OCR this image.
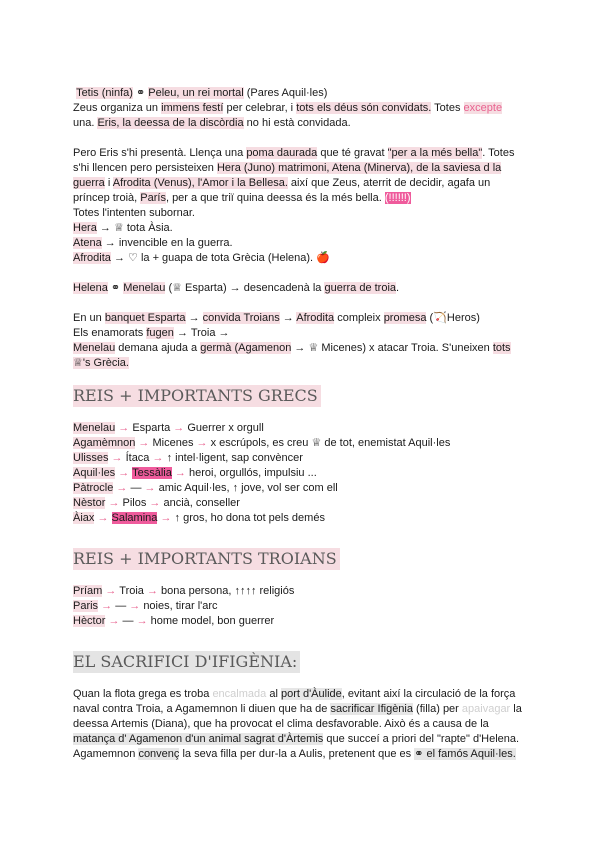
Tetis (ninfa) ⚭ Peleu, un rei mortal (Pares Aquil·les)
Zeus organiza un immens festí per celebrar, i tots els déus són convidats. Totes excepte
una. Eris, la deessa de la discòrdia no hi està convidada.
Pero Eris s'hi presentà. Llença una poma daurada que té gravat "per a la més bella". Totes
s'hi llencen pero persisteixen Hera (Juno) matrimoni, Atena (Minerva), de la saviesa d la
guerra i Afrodita (Venus), l'Amor i la Bellesa. així que Zeus, aterrit de decidir, agafa un
príncep troià, París, per a que triï quina deessa és la més bella. (!!!!!!)
Totes l'intenten subornar.
Hera → ♕ tota Àsia.
Atena → invencible en la guerra.
Afrodita → ♡ la + guapa de tota Grècia (Helena). 🍎
Helena ⚭ Menelau (♕ Esparta) → desencadenà la guerra de troia.
En un banquet Esparta → convida Troians → Afrodita compleix promesa (🏹Heros)
Els enamorats fugen → Troia →
Menelau demana ajuda a germà (Agamenon → ♕ Micenes) x atacar Troia. S'uneixen tots
♕'s Grècia.
REIS + IMPORTANTS GRECS
Menelau → Esparta → Guerrer x orgull
Agamèmnon → Micenes → x escrúpols, es creu ♕ de tot, enemistat Aquil·les
Ulisses → Ítaca → ↑ intel·ligent, sap convèncer
Aquil·les → Tessàlia → heroi, orgullós, impulsiu ...
Pàtrocle → — → amic Aquil·les, ↑ jove, vol ser com ell
Nèstor → Pilos → ancià, conseller
Àiax → Salamina → ↑ gros, ho dona tot pels demés
REIS + IMPORTANTS TROIANS
Príam → Troia → bona persona, ↑↑↑↑ religiós
Paris → — → noies, tirar l'arc
Hèctor → — → home model, bon guerrer
EL SACRIFICI D'IFIGÈNIA:
Quan la flota grega es troba encalmada al port d'Àulide, evitant així la circulació de la força
naval contra Troia, a Agamemnon li diuen que ha de sacrificar Ifigènia (filla) per apaivagar la
deessa Artemis (Diana), que ha provocat el clima desfavorable. Això és a causa de la
matança d' Agamenon d'un animal sagrat d'Àrtemis que succeí a priori del "rapte" d'Helena.
Agamemnon convenç la seva filla per dur-la a Aulis, pretenent que es ⚭ el famós Aquil·les.
